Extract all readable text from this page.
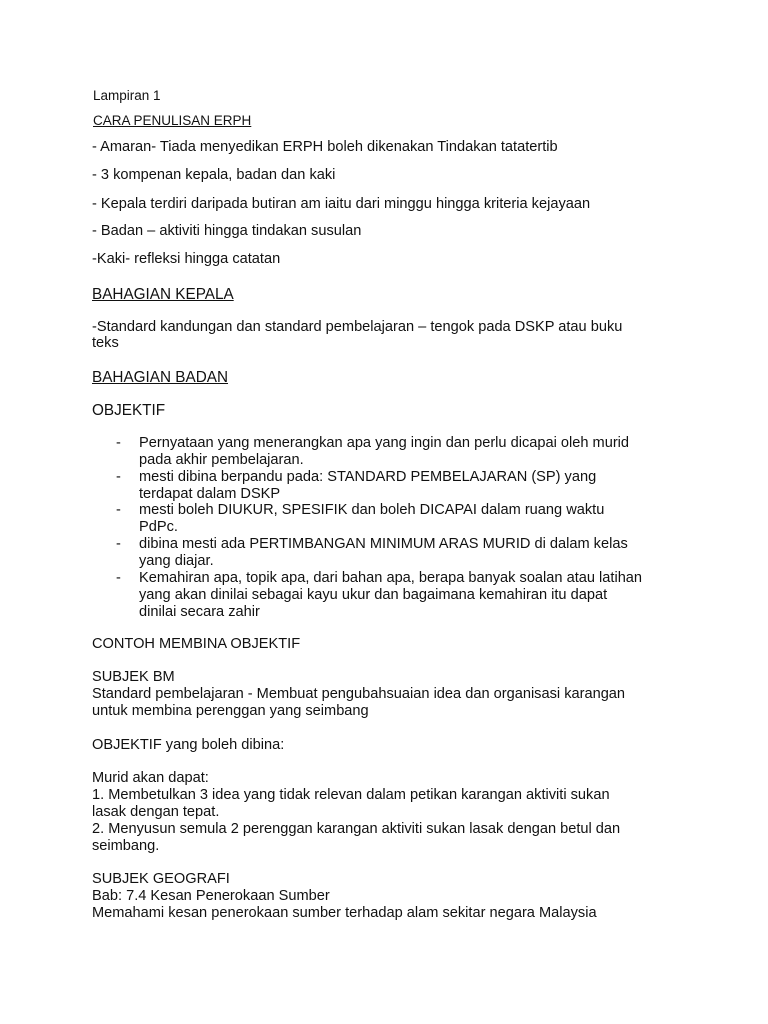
Lampiran 1
CARA PENULISAN ERPH
- Amaran- Tiada menyedikan ERPH boleh dikenakan Tindakan tatatertib
- 3 kompenan kepala, badan dan kaki
- Kepala terdiri daripada butiran am iaitu dari minggu hingga kriteria kejayaan
- Badan – aktiviti hingga tindakan susulan
-Kaki- refleksi hingga catatan
BAHAGIAN KEPALA
-Standard kandungan dan standard pembelajaran – tengok pada DSKP atau buku
teks
BAHAGIAN BADAN
OBJEKTIF
- Pernyataan yang menerangkan apa yang ingin dan perlu dicapai oleh murid
pada akhir pembelajaran.
- mesti dibina berpandu pada: STANDARD PEMBELAJARAN (SP) yang
terdapat dalam DSKP
- mesti boleh DIUKUR, SPESIFIK dan boleh DICAPAI dalam ruang waktu
PdPc.
- dibina mesti ada PERTIMBANGAN MINIMUM ARAS MURID di dalam kelas
yang diajar.
- Kemahiran apa, topik apa, dari bahan apa, berapa banyak soalan atau latihan
yang akan dinilai sebagai kayu ukur dan bagaimana kemahiran itu dapat
dinilai secara zahir
CONTOH MEMBINA OBJEKTIF
SUBJEK BM
Standard pembelajaran - Membuat pengubahsuaian idea dan organisasi karangan
untuk membina perenggan yang seimbang
OBJEKTIF yang boleh dibina:
Murid akan dapat:
1. Membetulkan 3 idea yang tidak relevan dalam petikan karangan aktiviti sukan
lasak dengan tepat.
2. Menyusun semula 2 perenggan karangan aktiviti sukan lasak dengan betul dan
seimbang.
SUBJEK GEOGRAFI
Bab: 7.4 Kesan Penerokaan Sumber
Memahami kesan penerokaan sumber terhadap alam sekitar negara Malaysia
